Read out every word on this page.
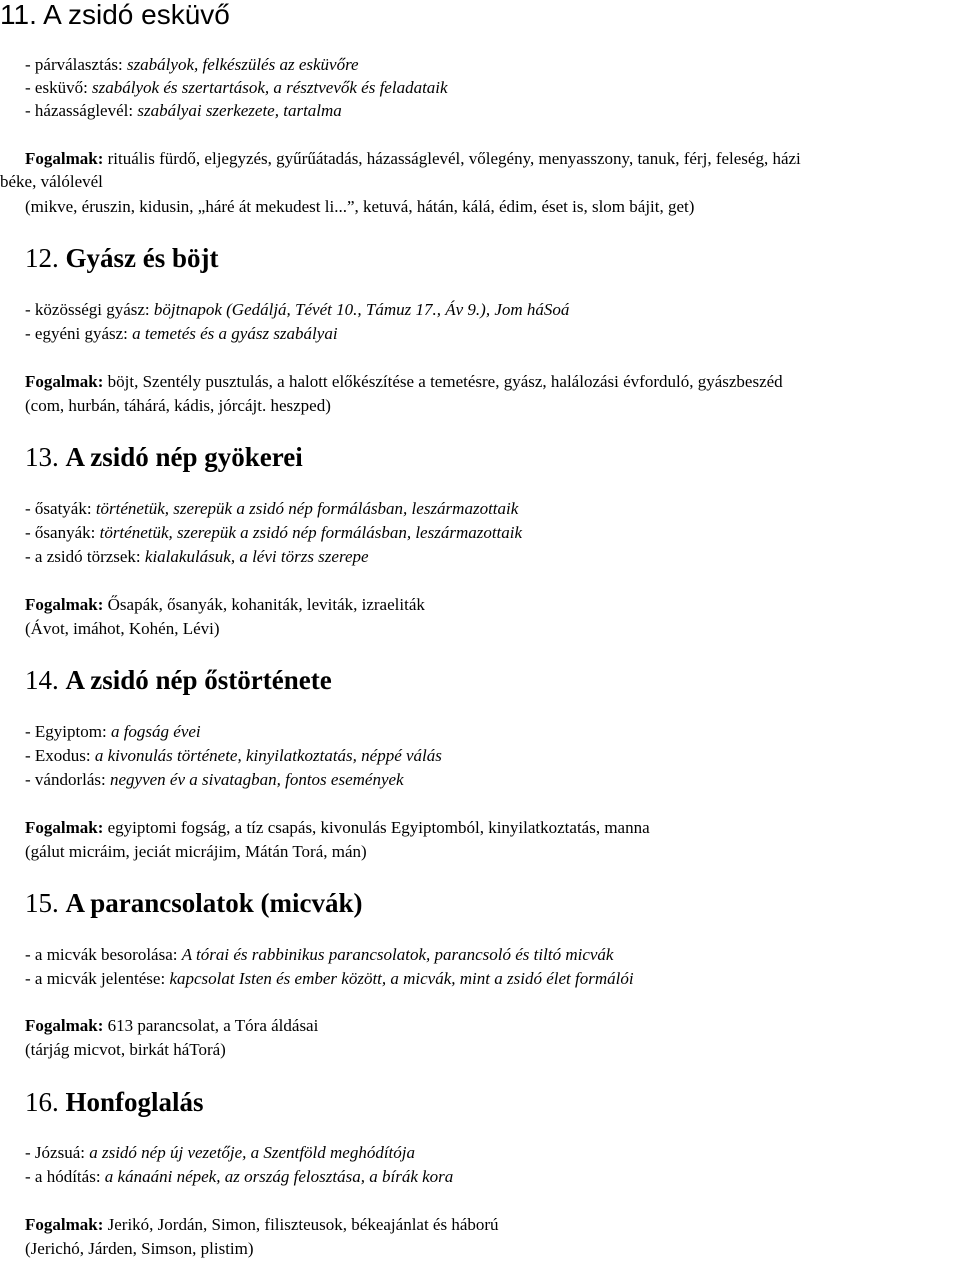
11. A zsidó esküvő
- párválasztás: szabályok, felkészülés az esküvőre
- esküvő: szabályok és szertartások, a résztvevők és feladataik
- házasságlevél: szabályai szerkezete, tartalma
Fogalmak: rituális fürdő, eljegyzés, gyűrűátadás, házasságlevél, vőlegény, menyasszony, tanuk, férj, feleség, házi
béke, válólevél
(mikve, éruszin, kidusin, „háré át mekudest li...”, ketuvá, hátán, kálá, édim, éset is, slom bájit, get)
12. Gyász és böjt
- közösségi gyász: böjtnapok (Gedáljá, Tévét 10., Támuz 17., Áv 9.), Jom háSoá
- egyéni gyász: a temetés és a gyász szabályai
Fogalmak: böjt, Szentély pusztulás, a halott előkészítése a temetésre, gyász, halálozási évforduló, gyászbeszéd
(com, hurbán, táhárá, kádis, jórcájt. heszped)
13. A zsidó nép gyökerei
- ősatyák: történetük, szerepük a zsidó nép formálásban, leszármazottaik
- ősanyák: történetük, szerepük a zsidó nép formálásban, leszármazottaik
- a zsidó törzsek: kialakulásuk, a lévi törzs szerepe
Fogalmak: Ősapák, ősanyák, kohaniták, leviták, izraeliták
(Ávot, imáhot, Kohén, Lévi)
14. A zsidó nép őstörténete
- Egyiptom: a fogság évei
- Exodus: a kivonulás története, kinyilatkoztatás, néppé válás
- vándorlás: negyven év a sivatagban, fontos események
Fogalmak: egyiptomi fogság, a tíz csapás, kivonulás Egyiptomból, kinyilatkoztatás, manna
(gálut micráim, jeciát micrájim, Mátán Torá, mán)
15. A parancsolatok (micvák)
- a micvák besorolása: A tórai és rabbinikus parancsolatok, parancsoló és tiltó micvák
- a micvák jelentése: kapcsolat Isten és ember között, a micvák, mint a zsidó élet formálói
Fogalmak: 613 parancsolat, a Tóra áldásai
(tárjág micvot, birkát háTorá)
16. Honfoglalás
- Józsuá: a zsidó nép új vezetője, a Szentföld meghódítója
- a hódítás: a kánaáni népek, az ország felosztása, a bírák kora
Fogalmak: Jerikó, Jordán, Simon, filiszteusok, békeajánlat és háború
(Jerichó, Járden, Simson, plistim)
